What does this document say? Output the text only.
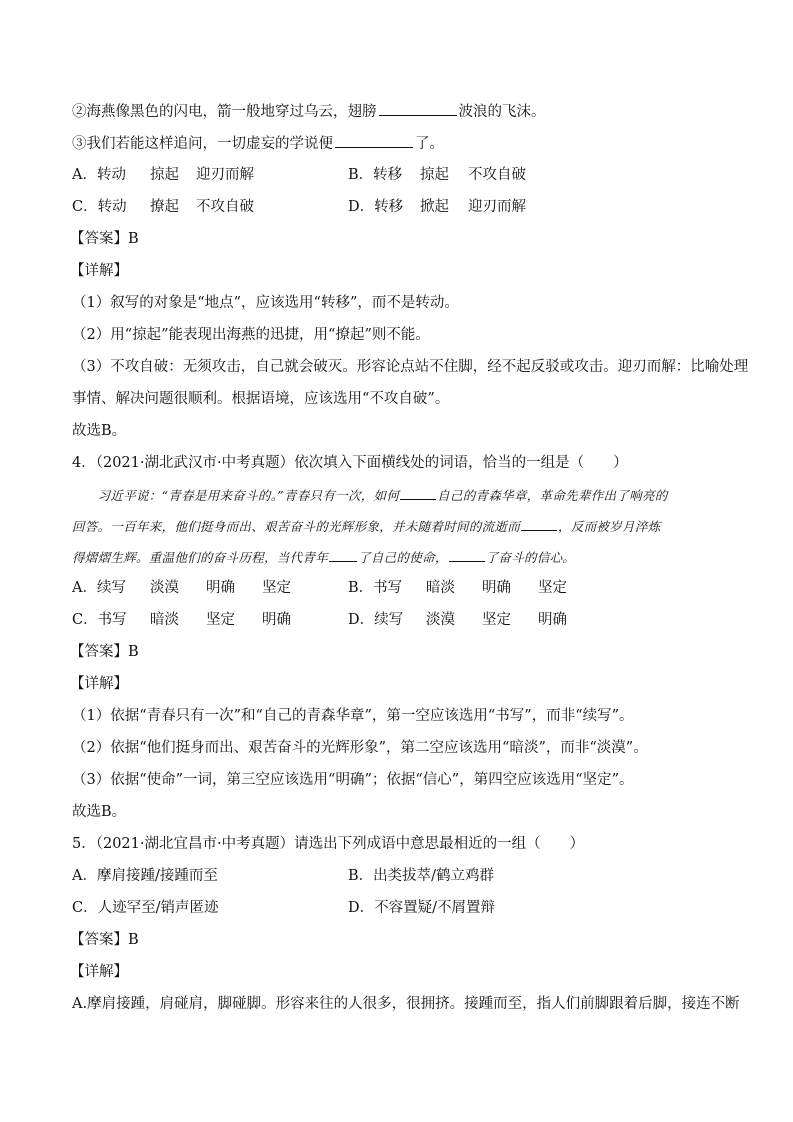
②海燕像黑色的闪电，箭一般地穿过乌云，翅膀	波浪的飞沫。
③我们若能这样追问，一切虚妄的学说便	了。
A．转动 掠起 迎刃而解	B．转移 掠起 不攻自破
C．转动 撩起 不攻自破	D．转移 掀起 迎刃而解
【答案】B
【详解】
（1）叙写的对象是“地点”，应该选用“转移”，而不是转动。
（2）用“掠起”能表现出海燕的迅捷，用“撩起”则不能。
（3）不攻自破：无须攻击，自己就会破灭。形容论点站不住脚，经不起反驳或攻击。迎刃而解：比喻处理
事情、解决问题很顺利。根据语境，应该选用“不攻自破”。
故选B。
4．（2021·湖北武汉市·中考真题）依次填入下面横线处的词语，恰当的一组是（　　）
　　习近平说：“青春是用来奋斗的。”青春只有一次，如何	自己的青森华章，革命先辈作出了响亮的
回答。一百年来，他们挺身而出、艰苦奋斗的光辉形象，并未随着时间的流逝而	，反而被岁月淬炼
得熠熠生辉。重温他们的奋斗历程，当代青年 了自己的使命，	了奋斗的信心。
A．续写 淡漠 明确 坚定	B．书写 暗淡 明确 坚定
C．书写 暗淡 坚定 明确	D．续写 淡漠 坚定 明确
【答案】B
【详解】
（1）依据“青春只有一次”和“自己的青森华章”，第一空应该选用“书写”，而非“续写”。
（2）依据“他们挺身而出、艰苦奋斗的光辉形象”，第二空应该选用“暗淡”，而非“淡漠”。
（3）依据“使命”一词，第三空应该选用“明确”；依据“信心”，第四空应该选用“坚定”。
故选B。
5．（2021·湖北宜昌市·中考真题）请选出下列成语中意思最相近的一组（　　）
A．摩肩接踵/接踵而至	B．出类拔萃/鹤立鸡群
C．人迹罕至/销声匿迹	D．不容置疑/不屑置辩
【答案】B
【详解】
A.摩肩接踵，肩碰肩，脚碰脚。形容来往的人很多，很拥挤。接踵而至，指人们前脚跟着后脚，接连不断
